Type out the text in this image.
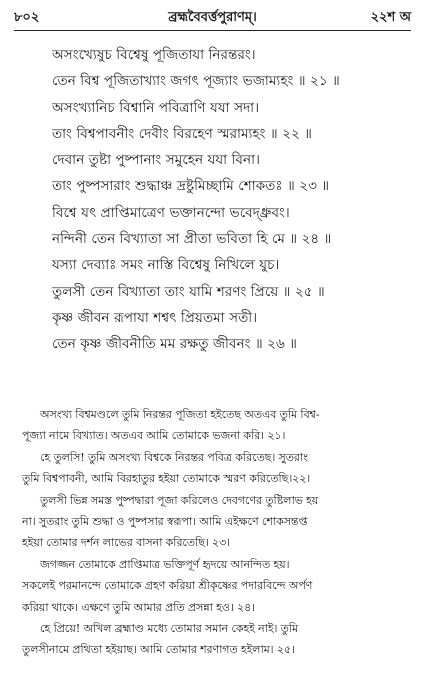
৮০২	ব্রহ্মবৈবর্ত্তপুরাণম্।	২২শ অ
অসংখ্যেষুচ বিশ্বেষু পূজিতাযা নিরন্তরং।
তেন বিশ্ব পূজিতাখ্যাং জগৎ পূজ্যাং ভজাম্যহং ॥ ২১ ॥
অসংখ্যানিচ বিশ্বানি পবিত্রাণি যযা সদা।
তাং বিশ্বপাবনীং দেবীং বিরহেণ স্মরাম্যহং ॥ ২২ ॥
দেবান তুষ্টা পুষ্পানাং সমুহেন যযা বিনা।
তাং পুষ্পসারাং শুদ্ধাঞ্চ দ্রষ্টুমিচ্ছামি শোকতঃ ॥ ২৩ ॥
বিশ্বে যৎ প্রাপ্তিমাত্রেণ ভক্তানন্দো ভবেদ্ধ্রুবং।
নন্দিনী তেন বিখ্যাতা সা প্রীতা ভবিতা হি মে ॥ ২৪ ॥
যস্যা দেব্যাঃ সমং নাস্তি বিশ্বেষু নিখিলে যুচ।
তুলসী তেন বিখ্যাতা তাং যামি শরণং প্রিয়ে ॥ ২৫ ॥
কৃষ্ণ জীবন রূপাযা শশ্বৎ প্রিয়তমা সতী।
তেন কৃষ্ণ জীবনীতি মম রক্ষতু জীবনং ॥ ২৬ ॥
অসংখ্য বিশ্বমণ্ডলে তুমি নিরন্তর পূজিতা হইতেছ অতএব তুমি বিশ্ব-
পূজ্যা নামে বিখ্যাত। অতএব আমি তোমাকে ভজনা করি। ২১।
হে তুলসি! তুমি অসংখ্য বিশ্বকে নিরন্তর পবিত্র করিতেছ। সুতরাং
তুমি বিশ্বপাবনী, আমি বিরহাতুর হইয়া তোমাকে স্মরণ করিতেছি।২২।
তুলসী ভিন্ন সমস্ত পুষ্পদ্বারা পূজা করিলেও দেবগণের তুষ্টিলাভ হয়
না। সুতরাং তুমি শুদ্ধা ও পুষ্পসার স্বরূপা। আমি এইক্ষণে শোকসন্তপ্ত
হইয়া তোমার দর্শন লাভের বাসনা করিতেছি। ২৩।
জগজ্জন তোমাকে প্রাপ্তিমাত্র ভক্তিপূর্ণ হৃদয়ে আনন্দিত হয়।
সকলেই পরমানন্দে তোমাকে গ্রহণ করিয়া শ্রীকৃষ্ণের পদারবিন্দে অর্পণ
করিয়া থাকে। এক্ষণে তুমি আমার প্রতি প্রসন্না হও। ২৪।
হে প্রিয়ে! অখিল ব্রহ্মাণ্ড মধ্যে তোমার সমান কেহই নাই। তুমি
তুলসীনামে প্রথিতা হইয়াছ। আমি তোমার শরণাগত হইলাম। ২৫।
